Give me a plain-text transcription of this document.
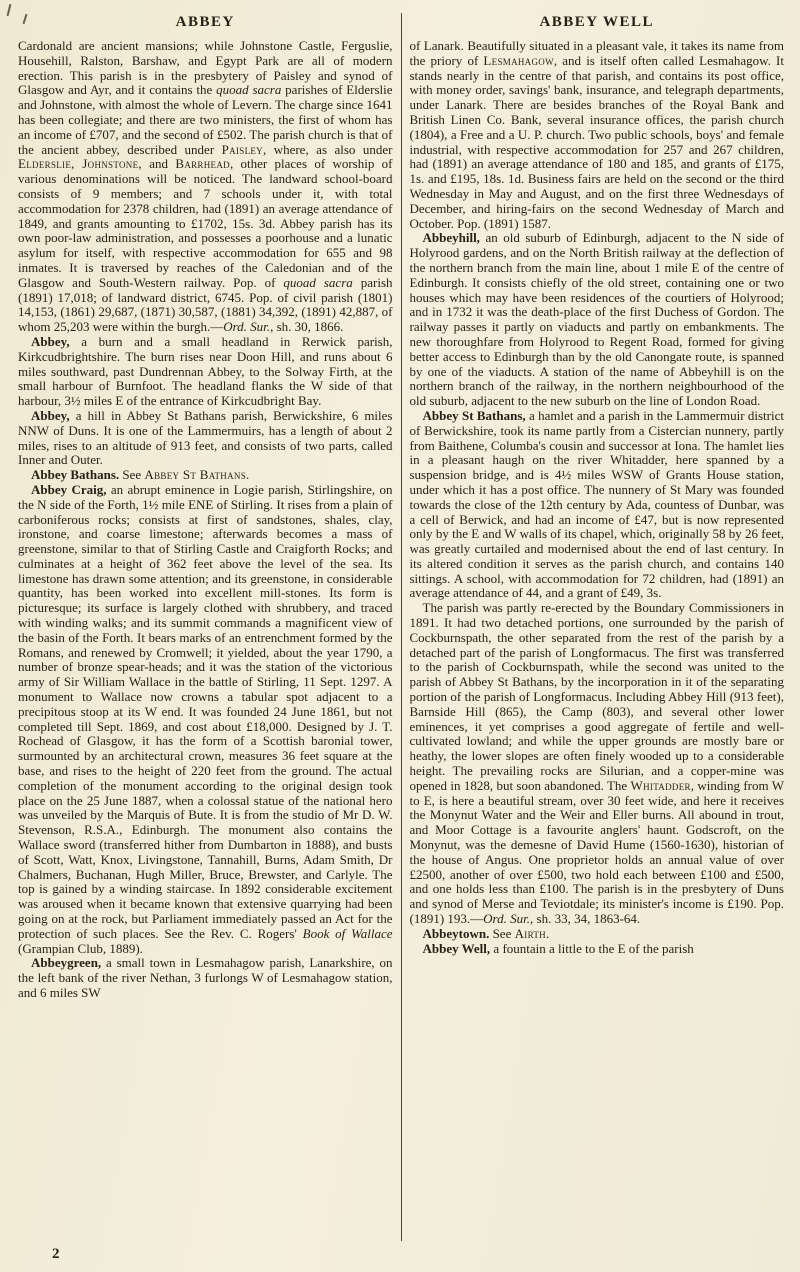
ABBEY	ABBEY WELL

Cardonald are ancient mansions; while Johnstone Castle, Ferguslie, Househill, Ralston, Barshaw, and Egypt Park are all of modern erection. This parish is in the presbytery of Paisley and synod of Glasgow and Ayr, and it contains the quoad sacra parishes of Elderslie and Johnstone, with almost the whole of Levern. The charge since 1641 has been collegiate; and there are two ministers, the first of whom has an income of £707, and the second of £502. The parish church is that of the ancient abbey, described under Paisley, where, as also under Elderslie, Johnstone, and Barrhead, other places of worship of various denominations will be noticed. The landward school-board consists of 9 members; and 7 schools under it, with total accommodation for 2378 children, had (1891) an average attendance of 1849, and grants amounting to £1702, 15s. 3d. Abbey parish has its own poor-law administration, and possesses a poorhouse and a lunatic asylum for itself, with respective accommodation for 655 and 98 inmates. It is traversed by reaches of the Caledonian and of the Glasgow and South-Western railway. Pop. of quoad sacra parish (1891) 17,018; of landward district, 6745. Pop. of civil parish (1801) 14,153, (1861) 29,687, (1871) 30,587, (1881) 34,392, (1891) 42,887, of whom 25,203 were within the burgh.—Ord. Sur., sh. 30, 1866.

Abbey, a burn and a small headland in Rerwick parish, Kirkcudbrightshire. The burn rises near Doon Hill, and runs about 6 miles southward, past Dundrennan Abbey, to the Solway Firth, at the small harbour of Burnfoot. The headland flanks the W side of that harbour, 3½ miles E of the entrance of Kirkcudbright Bay.

Abbey, a hill in Abbey St Bathans parish, Berwickshire, 6 miles NNW of Duns. It is one of the Lammermuirs, has a length of about 2 miles, rises to an altitude of 913 feet, and consists of two parts, called Inner and Outer.

Abbey Bathans. See Abbey St Bathans.

Abbey Craig, an abrupt eminence in Logie parish, Stirlingshire, on the N side of the Forth, 1½ mile ENE of Stirling. It rises from a plain of carboniferous rocks; consists at first of sandstones, shales, clay, ironstone, and coarse limestone; afterwards becomes a mass of greenstone, similar to that of Stirling Castle and Craigforth Rocks; and culminates at a height of 362 feet above the level of the sea. Its limestone has drawn some attention; and its greenstone, in considerable quantity, has been worked into excellent mill-stones. Its form is picturesque; its surface is largely clothed with shrubbery, and traced with winding walks; and its summit commands a magnificent view of the basin of the Forth. It bears marks of an entrenchment formed by the Romans, and renewed by Cromwell; it yielded, about the year 1790, a number of bronze spear-heads; and it was the station of the victorious army of Sir William Wallace in the battle of Stirling, 11 Sept. 1297. A monument to Wallace now crowns a tabular spot adjacent to a precipitous stoop at its W end. It was founded 24 June 1861, but not completed till Sept. 1869, and cost about £18,000. Designed by J. T. Rochead of Glasgow, it has the form of a Scottish baronial tower, surmounted by an architectural crown, measures 36 feet square at the base, and rises to the height of 220 feet from the ground. The actual completion of the monument according to the original design took place on the 25 June 1887, when a colossal statue of the national hero was unveiled by the Marquis of Bute. It is from the studio of Mr D. W. Stevenson, R.S.A., Edinburgh. The monument also contains the Wallace sword (transferred hither from Dumbarton in 1888), and busts of Scott, Watt, Knox, Livingstone, Tannahill, Burns, Adam Smith, Dr Chalmers, Buchanan, Hugh Miller, Bruce, Brewster, and Carlyle. The top is gained by a winding staircase. In 1892 considerable excitement was aroused when it became known that extensive quarrying had been going on at the rock, but Parliament immediately passed an Act for the protection of such places. See the Rev. C. Rogers' Book of Wallace (Grampian Club, 1889).

Abbeygreen, a small town in Lesmahagow parish, Lanarkshire, on the left bank of the river Nethan, 3 furlongs W of Lesmahagow station, and 6 miles SW

of Lanark. Beautifully situated in a pleasant vale, it takes its name from the priory of Lesmahagow, and is itself often called Lesmahagow. It stands nearly in the centre of that parish, and contains its post office, with money order, savings' bank, insurance, and telegraph departments, under Lanark. There are besides branches of the Royal Bank and British Linen Co. Bank, several insurance offices, the parish church (1804), a Free and a U. P. church. Two public schools, boys' and female industrial, with respective accommodation for 257 and 267 children, had (1891) an average attendance of 180 and 185, and grants of £175, 1s. and £195, 18s. 1d. Business fairs are held on the second or the third Wednesday in May and August, and on the first three Wednesdays of December, and hiring-fairs on the second Wednesday of March and October. Pop. (1891) 1587.

Abbeyhill, an old suburb of Edinburgh, adjacent to the N side of Holyrood gardens, and on the North British railway at the deflection of the northern branch from the main line, about 1 mile E of the centre of Edinburgh. It consists chiefly of the old street, containing one or two houses which may have been residences of the courtiers of Holyrood; and in 1732 it was the death-place of the first Duchess of Gordon. The railway passes it partly on viaducts and partly on embankments. The new thoroughfare from Holyrood to Regent Road, formed for giving better access to Edinburgh than by the old Canongate route, is spanned by one of the viaducts. A station of the name of Abbeyhill is on the northern branch of the railway, in the northern neighbourhood of the old suburb, adjacent to the new suburb on the line of London Road.

Abbey St Bathans, a hamlet and a parish in the Lammermuir district of Berwickshire, took its name partly from a Cistercian nunnery, partly from Baithene, Columba's cousin and successor at Iona. The hamlet lies in a pleasant haugh on the river Whitadder, here spanned by a suspension bridge, and is 4½ miles WSW of Grants House station, under which it has a post office. The nunnery of St Mary was founded towards the close of the 12th century by Ada, countess of Dunbar, was a cell of Berwick, and had an income of £47, but is now represented only by the E and W walls of its chapel, which, originally 58 by 26 feet, was greatly curtailed and modernised about the end of last century. In its altered condition it serves as the parish church, and contains 140 sittings. A school, with accommodation for 72 children, had (1891) an average attendance of 44, and a grant of £49, 3s.

The parish was partly re-erected by the Boundary Commissioners in 1891. It had two detached portions, one surrounded by the parish of Cockburnspath, the other separated from the rest of the parish by a detached part of the parish of Longformacus. The first was transferred to the parish of Cockburnspath, while the second was united to the parish of Abbey St Bathans, by the incorporation in it of the separating portion of the parish of Longformacus. Including Abbey Hill (913 feet), Barnside Hill (865), the Camp (803), and several other lower eminences, it yet comprises a good aggregate of fertile and well-cultivated lowland; and while the upper grounds are mostly bare or heathy, the lower slopes are often finely wooded up to a considerable height. The prevailing rocks are Silurian, and a copper-mine was opened in 1828, but soon abandoned. The Whitadder, winding from W to E, is here a beautiful stream, over 30 feet wide, and here it receives the Monynut Water and the Weir and Eller burns. All abound in trout, and Moor Cottage is a favourite anglers' haunt. Godscroft, on the Monynut, was the demesne of David Hume (1560-1630), historian of the house of Angus. One proprietor holds an annual value of over £2500, another of over £500, two hold each between £100 and £500, and one holds less than £100. The parish is in the presbytery of Duns and synod of Merse and Teviotdale; its minister's income is £190. Pop. (1891) 193.—Ord. Sur., sh. 33, 34, 1863-64.

Abbeytown. See Airth.

Abbey Well, a fountain a little to the E of the parish

2
